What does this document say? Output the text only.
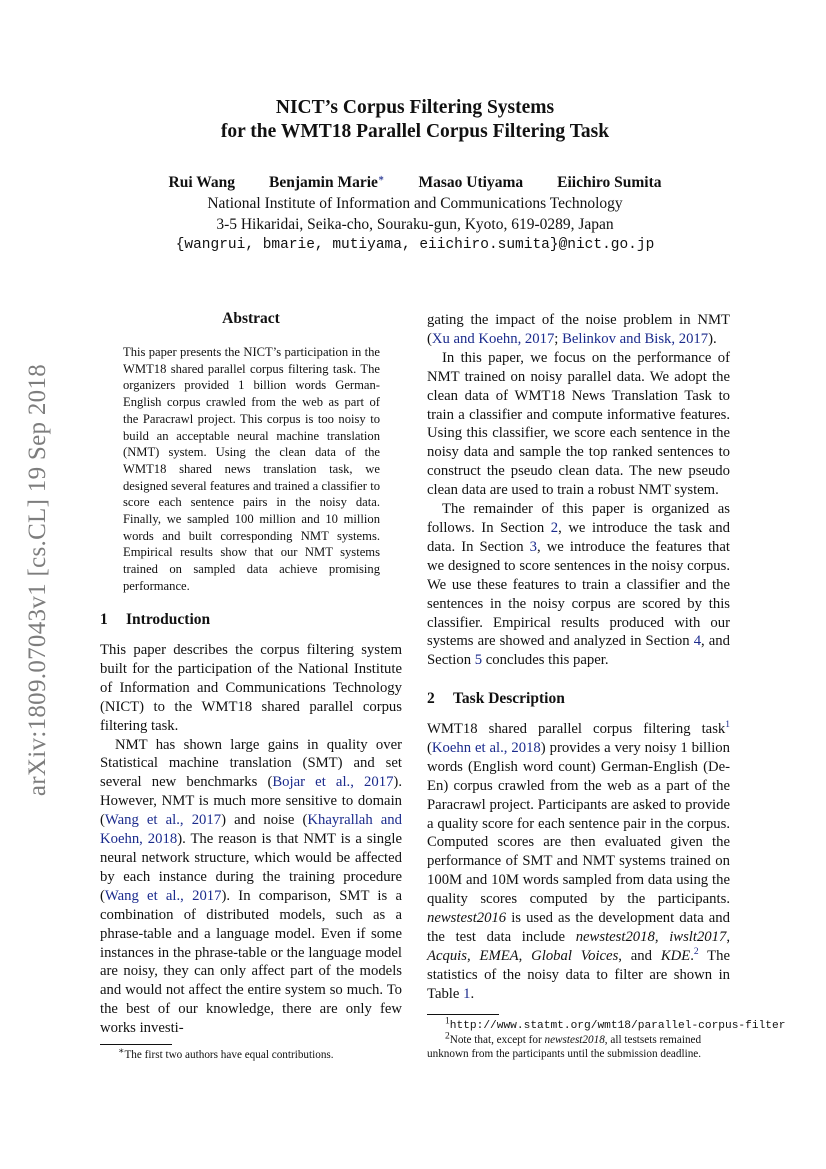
arXiv:1809.07043v1 [cs.CL] 19 Sep 2018
NICT’s Corpus Filtering Systems
for the WMT18 Parallel Corpus Filtering Task
Rui Wang Benjamin Marie∗ Masao Utiyama Eiichiro Sumita
National Institute of Information and Communications Technology
3-5 Hikaridai, Seika-cho, Souraku-gun, Kyoto, 619-0289, Japan
{wangrui, bmarie, mutiyama, eiichiro.sumita}@nict.go.jp
Abstract
This paper presents the NICT’s participation in the WMT18 shared parallel corpus filtering task. The organizers provided 1 billion words German-English corpus crawled from the web as part of the Paracrawl project. This corpus is too noisy to build an acceptable neural machine translation (NMT) system. Using the clean data of the WMT18 shared news translation task, we designed several features and trained a classifier to score each sentence pairs in the noisy data. Finally, we sampled 100 million and 10 million words and built corresponding NMT systems. Empirical results show that our NMT systems trained on sampled data achieve promising performance.
1 Introduction

This paper describes the corpus filtering system built for the participation of the National Institute of Information and Communications Technology (NICT) to the WMT18 shared parallel corpus filtering task.

NMT has shown large gains in quality over Statistical machine translation (SMT) and set several new benchmarks (Bojar et al., 2017). However, NMT is much more sensitive to domain (Wang et al., 2017) and noise (Khayrallah and Koehn, 2018). The reason is that NMT is a single neural network structure, which would be affected by each instance during the training procedure (Wang et al., 2017). In comparison, SMT is a combination of distributed models, such as a phrase-table and a language model. Even if some instances in the phrase-table or the language model are noisy, they can only affect part of the models and would not affect the entire system so much. To the best of our knowledge, there are only few works investi-

gating the impact of the noise problem in NMT (Xu and Koehn, 2017; Belinkov and Bisk, 2017).

In this paper, we focus on the performance of NMT trained on noisy parallel data. We adopt the clean data of WMT18 News Translation Task to train a classifier and compute informative features. Using this classifier, we score each sentence in the noisy data and sample the top ranked sentences to construct the pseudo clean data. The new pseudo clean data are used to train a robust NMT system.

The remainder of this paper is organized as follows. In Section 2, we introduce the task and data. In Section 3, we introduce the features that we designed to score sentences in the noisy corpus. We use these features to train a classifier and the sentences in the noisy corpus are scored by this classifier. Empirical results produced with our systems are showed and analyzed in Section 4, and Section 5 concludes this paper.

2 Task Description

WMT18 shared parallel corpus filtering task$^1$ (Koehn et al., 2018) provides a very noisy 1 billion words (English word count) German-English (De-En) corpus crawled from the web as a part of the Paracrawl project. Participants are asked to provide a quality score for each sentence pair in the corpus. Computed scores are then evaluated given the performance of SMT and NMT systems trained on 100M and 10M words sampled from data using the quality scores computed by the participants. newstest2016 is used as the development data and the test data include newstest2018, iwslt2017, Acquis, EMEA, Global Voices, and KDE.$^2$ The statistics of the noisy data to filter are shown in Table 1.

∗The first two authors have equal contributions.
$^1$http://www.statmt.org/wmt18/parallel-corpus-filter
$^2$Note that, except for newstest2018, all testsets remained
unknown from the participants until the submission deadline.
